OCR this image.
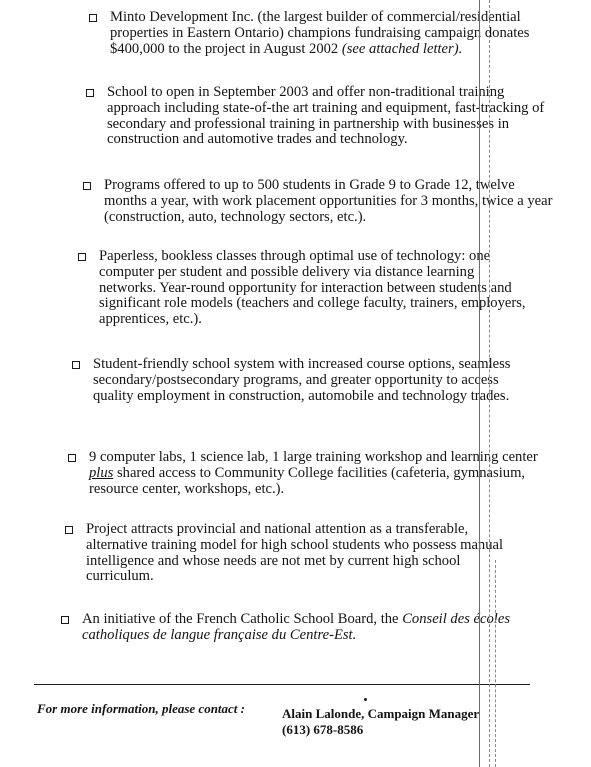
Minto Development Inc. (the largest builder of commercial/residential properties in Eastern Ontario) champions fundraising campaign donates $400,000 to the project in August 2002 (see attached letter).
School to open in September 2003 and offer non-traditional training approach including state-of-the art training and equipment, fast-tracking of secondary and professional training in partnership with businesses in construction and automotive trades and technology.
Programs offered to up to 500 students in Grade 9 to Grade 12, twelve months a year, with work placement opportunities for 3 months, twice a year (construction, auto, technology sectors, etc.).
Paperless, bookless classes through optimal use of technology: one computer per student and possible delivery via distance learning networks. Year-round opportunity for interaction between students and significant role models (teachers and college faculty, trainers, employers, apprentices, etc.).
Student-friendly school system with increased course options, seamless secondary/postsecondary programs, and greater opportunity to access quality employment in construction, automobile and technology trades.
9 computer labs, 1 science lab, 1 large training workshop and learning center plus shared access to Community College facilities (cafeteria, gymnasium, resource center, workshops, etc.).
Project attracts provincial and national attention as a transferable, alternative training model for high school students who possess manual intelligence and whose needs are not met by current high school curriculum.
An initiative of the French Catholic School Board, the Conseil des écoles catholiques de langue française du Centre-Est.
For more information, please contact :	Alain Lalonde, Campaign Manager
(613) 678-8586
